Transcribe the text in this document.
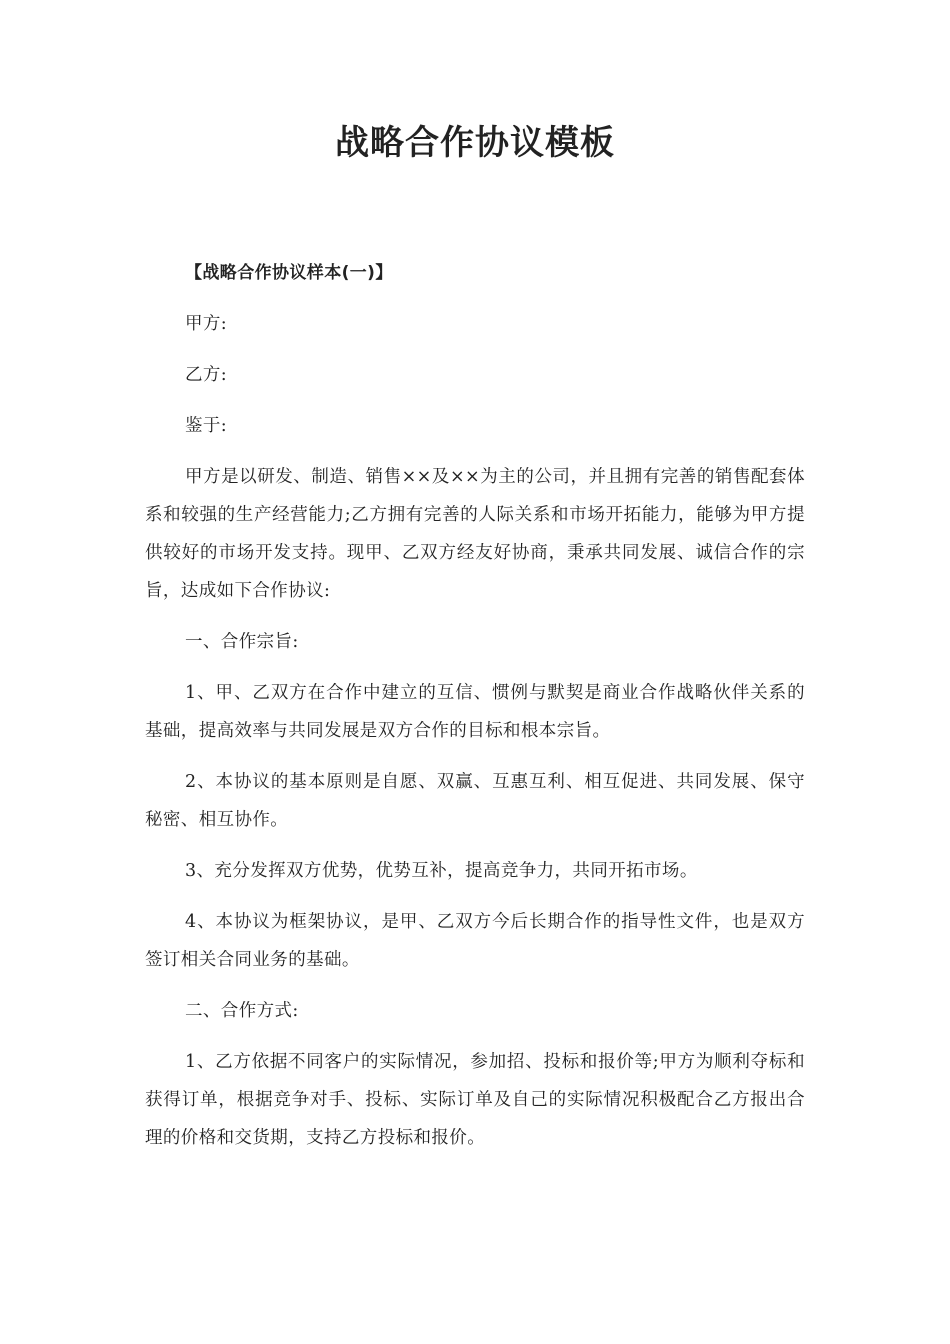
战略合作协议模板

【战略合作协议样本(一)】

甲方:

乙方:

鉴于:

甲方是以研发、制造、销售××及××为主的公司，并且拥有完善的销售配套体系和较强的生产经营能力;乙方拥有完善的人际关系和市场开拓能力，能够为甲方提供较好的市场开发支持。现甲、乙双方经友好协商，秉承共同发展、诚信合作的宗旨，达成如下合作协议:

一、合作宗旨:

1、甲、乙双方在合作中建立的互信、惯例与默契是商业合作战略伙伴关系的基础，提高效率与共同发展是双方合作的目标和根本宗旨。

2、本协议的基本原则是自愿、双赢、互惠互利、相互促进、共同发展、保守秘密、相互协作。

3、充分发挥双方优势，优势互补，提高竞争力，共同开拓市场。

4、本协议为框架协议，是甲、乙双方今后长期合作的指导性文件，也是双方签订相关合同业务的基础。

二、合作方式:

1、乙方依据不同客户的实际情况，参加招、投标和报价等;甲方为顺利夺标和获得订单，根据竞争对手、投标、实际订单及自己的实际情况积极配合乙方报出合理的价格和交货期，支持乙方投标和报价。
